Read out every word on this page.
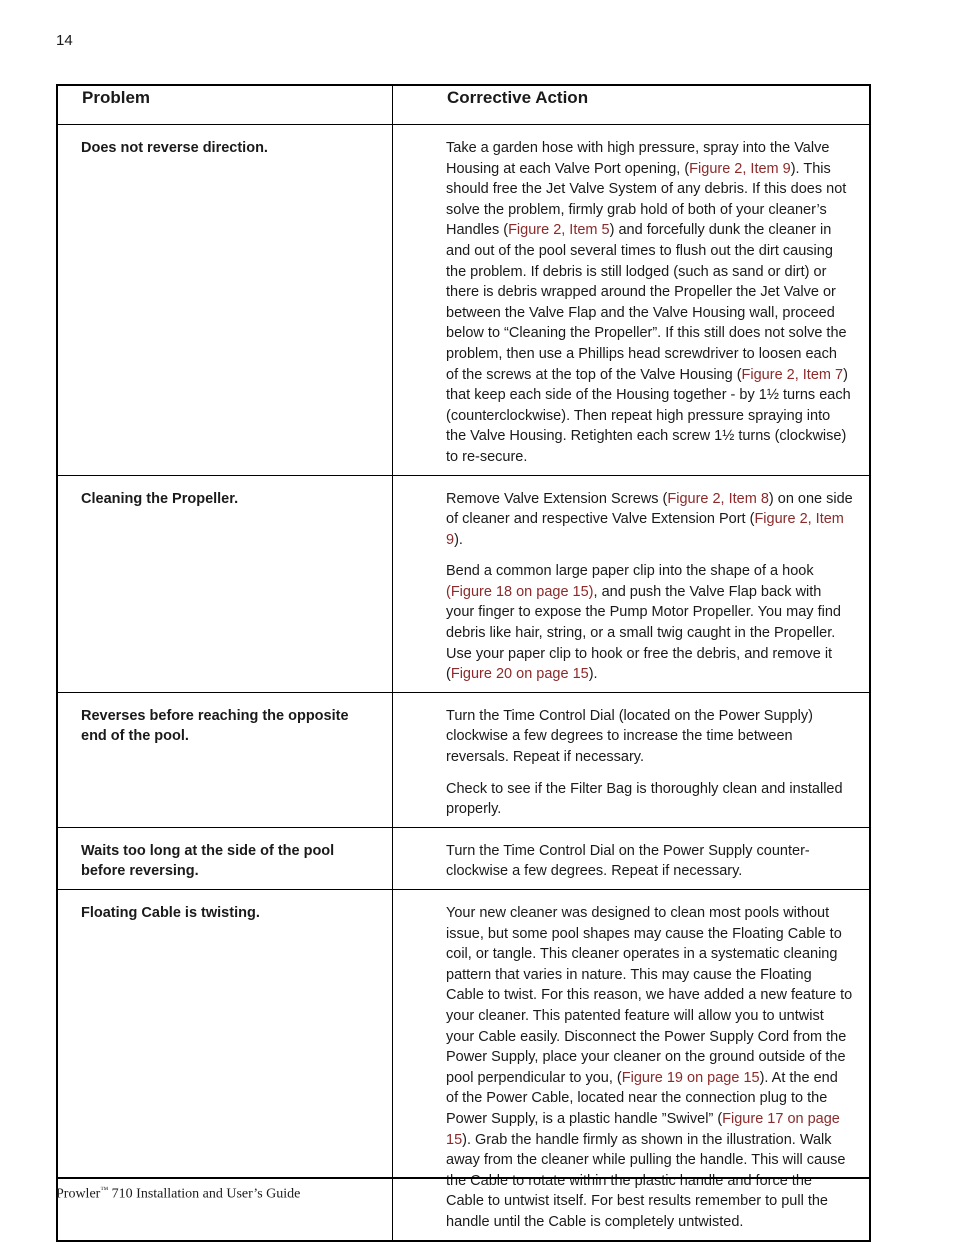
14
Problem	Corrective Action
Does not reverse direction.	Take a garden hose with high pressure, spray into the Valve Housing at each Valve Port opening, (Figure 2, Item 9). This should free the Jet Valve System of any debris. If this does not solve the problem, firmly grab hold of both of your cleaner’s Handles (Figure 2, Item 5) and forcefully dunk the cleaner in and out of the pool several times to flush out the dirt causing the problem. If debris is still lodged (such as sand or dirt) or there is debris wrapped around the Propeller the Jet Valve or between the Valve Flap and the Valve Housing wall, proceed below to “Cleaning the Propeller”. If this still does not solve the problem, then use a Phillips head screwdriver to loosen each of the screws at the top of the Valve Housing (Figure 2, Item 7) that keep each side of the Housing together - by 1½ turns each (counterclockwise). Then repeat high pressure spraying into the Valve Housing. Retighten each screw 1½ turns (clockwise) to re-secure.

Cleaning the Propeller.	Remove Valve Extension Screws (Figure 2, Item 8) on one side of cleaner and respective Valve Extension Port (Figure 2, Item 9).

Bend a common large paper clip into the shape of a hook (Figure 18 on page 15), and push the Valve Flap back with your finger to expose the Pump Motor Propeller. You may find debris like hair, string, or a small twig caught in the Propeller. Use your paper clip to hook or free the debris, and remove it (Figure 20 on page 15).

Reverses before reaching the opposite end of the pool.	Turn the Time Control Dial (located on the Power Supply) clockwise a few degrees to increase the time between reversals. Repeat if necessary.

Check to see if the Filter Bag is thoroughly clean and installed properly.

Waits too long at the side of the pool before reversing.	Turn the Time Control Dial on the Power Supply counter-clockwise a few degrees. Repeat if necessary.

Floating Cable is twisting.	Your new cleaner was designed to clean most pools without issue, but some pool shapes may cause the Floating Cable to coil, or tangle. This cleaner operates in a systematic cleaning pattern that varies in nature. This may cause the Floating Cable to twist. For this reason, we have added a new feature to your cleaner. This patented feature will allow you to untwist your Cable easily. Disconnect the Power Supply Cord from the Power Supply, place your cleaner on the ground outside of the pool perpendicular to you, (Figure 19 on page 15). At the end of the Power Cable, located near the connection plug to the Power Supply, is a plastic handle ”Swivel” (Figure 17 on page 15). Grab the handle firmly as shown in the illustration. Walk away from the cleaner while pulling the handle. This will cause the Cable to rotate within the plastic handle and force the Cable to untwist itself. For best results remember to pull the handle until the Cable is completely untwisted.

Prowler™ 710 Installation and User’s Guide
